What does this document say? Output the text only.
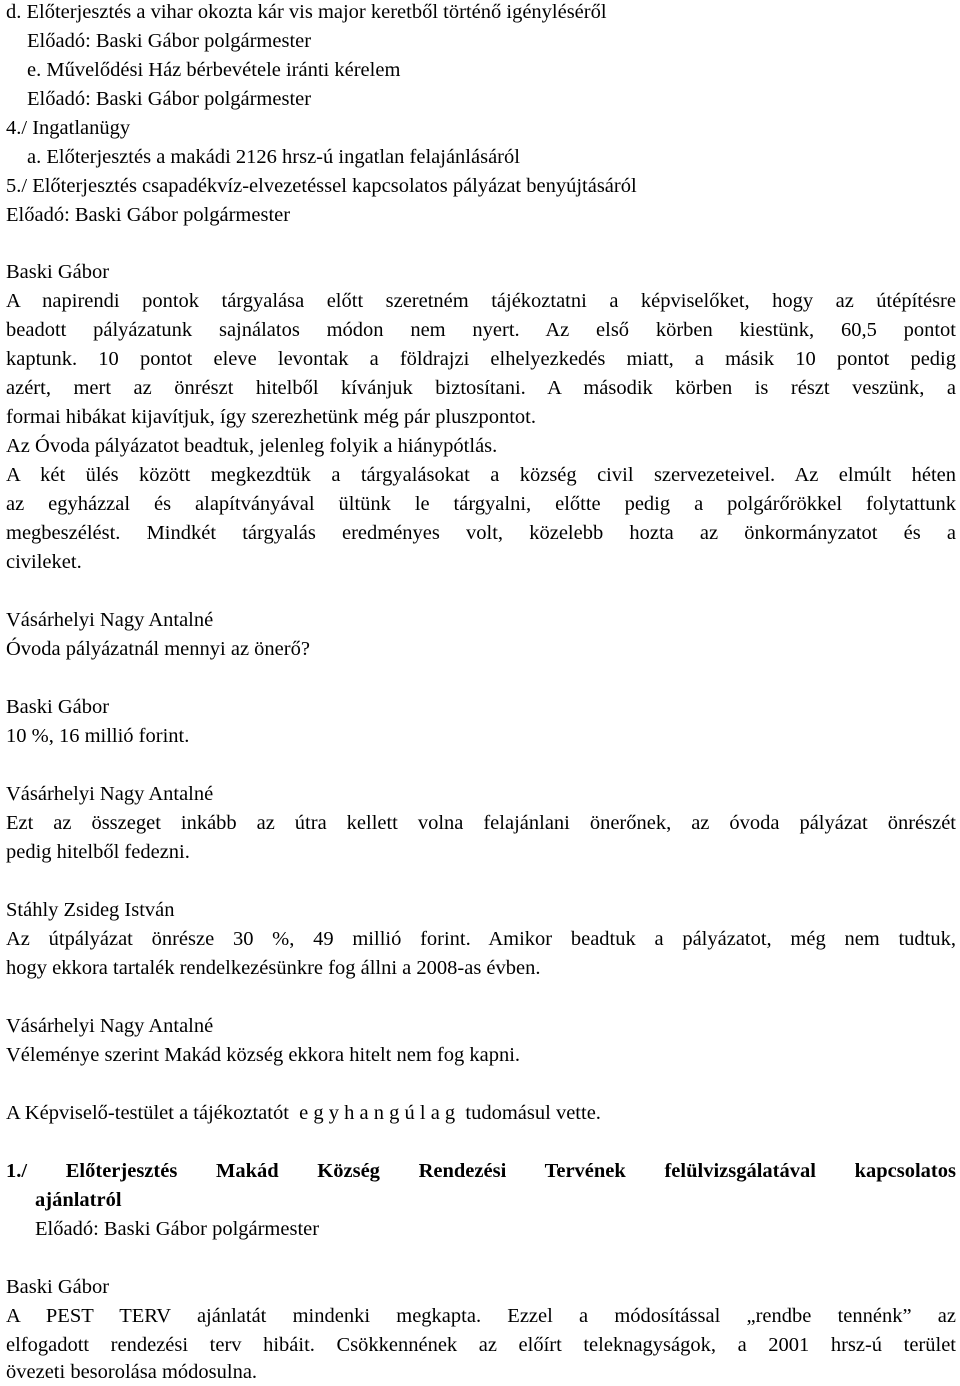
d. Előterjesztés a vihar okozta kár vis major keretből történő igényléséről
Előadó: Baski Gábor polgármester
e. Művelődési Ház bérbevétele iránti kérelem
Előadó: Baski Gábor polgármester
4./ Ingatlanügy
a. Előterjesztés a makádi 2126 hrsz-ú ingatlan felajánlásáról
5./ Előterjesztés csapadékvíz-elvezetéssel kapcsolatos pályázat benyújtásáról
Előadó: Baski Gábor polgármester
Baski Gábor
A napirendi pontok tárgyalása előtt szeretném tájékoztatni a képviselőket, hogy az útépítésre
beadott pályázatunk sajnálatos módon nem nyert. Az első körben kiestünk, 60,5 pontot
kaptunk. 10 pontot eleve levontak a földrajzi elhelyezkedés miatt, a másik 10 pontot pedig
azért, mert az önrészt hitelből kívánjuk biztosítani. A második körben is részt veszünk, a
formai hibákat kijavítjuk, így szerezhetünk még pár pluszpontot.
Az Óvoda pályázatot beadtuk, jelenleg folyik a hiánypótlás.
A két ülés között megkezdtük a tárgyalásokat a község civil szervezeteivel. Az elmúlt héten
az egyházzal és alapítványával ültünk le tárgyalni, előtte pedig a polgárőrökkel folytattunk
megbeszélést. Mindkét tárgyalás eredményes volt, közelebb hozta az önkormányzatot és a
civileket.
Vásárhelyi Nagy Antalné
Óvoda pályázatnál mennyi az önerő?
Baski Gábor
10 %, 16 millió forint.
Vásárhelyi Nagy Antalné
Ezt az összeget inkább az útra kellett volna felajánlani önerőnek, az óvoda pályázat önrészét
pedig hitelből fedezni.
Stáhly Zsideg István
Az útpályázat önrésze 30 %, 49 millió forint. Amikor beadtuk a pályázatot, még nem tudtuk,
hogy ekkora tartalék rendelkezésünkre fog állni a 2008-as évben.
Vásárhelyi Nagy Antalné
Véleménye szerint Makád község ekkora hitelt nem fog kapni.
A Képviselő-testület a tájékoztatót  e g y h a n g ú l a g  tudomásul vette.
1./ Előterjesztés Makád Község Rendezési Tervének felülvizsgálatával kapcsolatos
ajánlatról
Előadó: Baski Gábor polgármester
Baski Gábor
A PEST TERV ajánlatát mindenki megkapta. Ezzel a módosítással „rendbe tennénk” az
elfogadott rendezési terv hibáit. Csökkennének az előírt teleknagyságok, a 2001 hrsz-ú terület
övezeti besorolása módosulna.
